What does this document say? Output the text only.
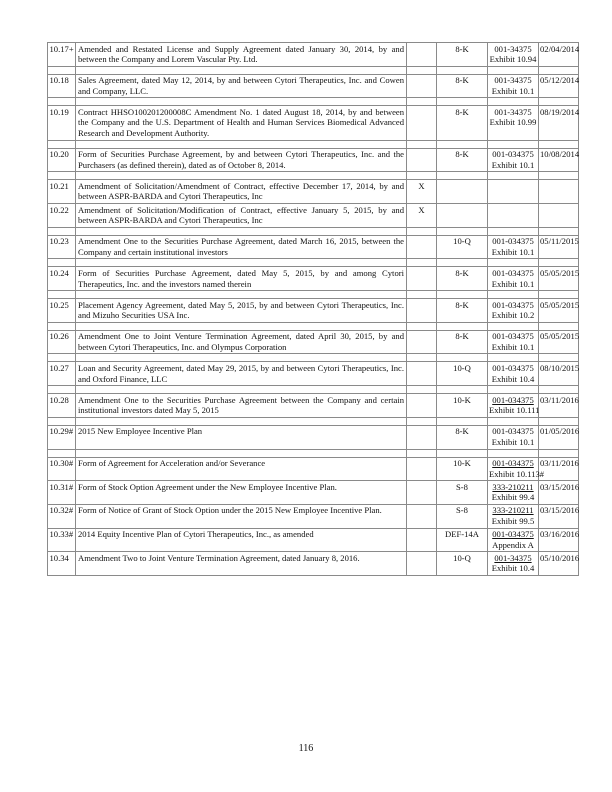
10.17+	Amended and Restated License and Supply Agreement dated January 30, 2014, by and between the Company and Lorem Vascular Pty. Ltd.		8-K	001-34375
Exhibit 10.94	02/04/2014

10.18	Sales Agreement, dated May 12, 2014, by and between Cytori Therapeutics, Inc. and Cowen and Company, LLC.		8-K	001-34375
Exhibit 10.1	05/12/2014

10.19	Contract HHSO100201200008C Amendment No. 1 dated August 18, 2014, by and between the Company and the U.S. Department of Health and Human Services Biomedical Advanced Research and Development Authority.		8-K	001-34375
Exhibit 10.99	08/19/2014

10.20	Form of Securities Purchase Agreement, by and between Cytori Therapeutics, Inc. and the Purchasers (as defined therein), dated as of October 8, 2014.		8-K	001-034375
Exhibit 10.1	10/08/2014

10.21	Amendment of Solicitation/Amendment of Contract, effective December 17, 2014, by and between ASPR-BARDA and Cytori Therapeutics, Inc	X		

10.22	Amendment of Solicitation/Modification of Contract, effective January 5, 2015, by and between ASPR-BARDA and Cytori Therapeutics, Inc	X		

10.23	Amendment One to the Securities Purchase Agreement, dated March 16, 2015, between the Company and certain institutional investors		10-Q	001-034375
Exhibit 10.1	05/11/2015

10.24	Form of Securities Purchase Agreement, dated May 5, 2015, by and among Cytori Therapeutics, Inc. and the investors named therein		8-K	001-034375
Exhibit 10.1	05/05/2015

10.25	Placement Agency Agreement, dated May 5, 2015, by and between Cytori Therapeutics, Inc. and Mizuho Securities USA Inc.		8-K	001-034375
Exhibit 10.2	05/05/2015

10.26	Amendment One to Joint Venture Termination Agreement, dated April 30, 2015, by and between Cytori Therapeutics, Inc. and Olympus Corporation		8-K	001-034375
Exhibit 10.1	05/05/2015

10.27	Loan and Security Agreement, dated May 29, 2015, by and between Cytori Therapeutics, Inc. and Oxford Finance, LLC		10-Q	001-034375
Exhibit 10.4	08/10/2015

10.28	Amendment One to the Securities Purchase Agreement between the Company and certain institutional investors dated May 5, 2015		10-K	001-034375
Exhibit 10.111	03/11/2016

10.29#	2015 New Employee Incentive Plan		8-K	001-034375
Exhibit 10.1	01/05/2016

10.30#	Form of Agreement for Acceleration and/or Severance		10-K	001-034375
Exhibit 10.113#	03/11/2016
10.31#	Form of Stock Option Agreement under the New Employee Incentive Plan.		S-8	333-210211
Exhibit 99.4	03/15/2016
10.32#	Form of Notice of Grant of Stock Option under the 2015 New Employee Incentive Plan.		S-8	333-210211
Exhibit 99.5	03/15/2016
10.33#	2014 Equity Incentive Plan of Cytori Therapeutics, Inc., as amended		DEF-14A	001-034375
Appendix A	03/16/2016
10.34	Amendment Two to Joint Venture Termination Agreement, dated January 8, 2016.		10-Q	001-34375
Exhibit 10.4	05/10/2016
116
